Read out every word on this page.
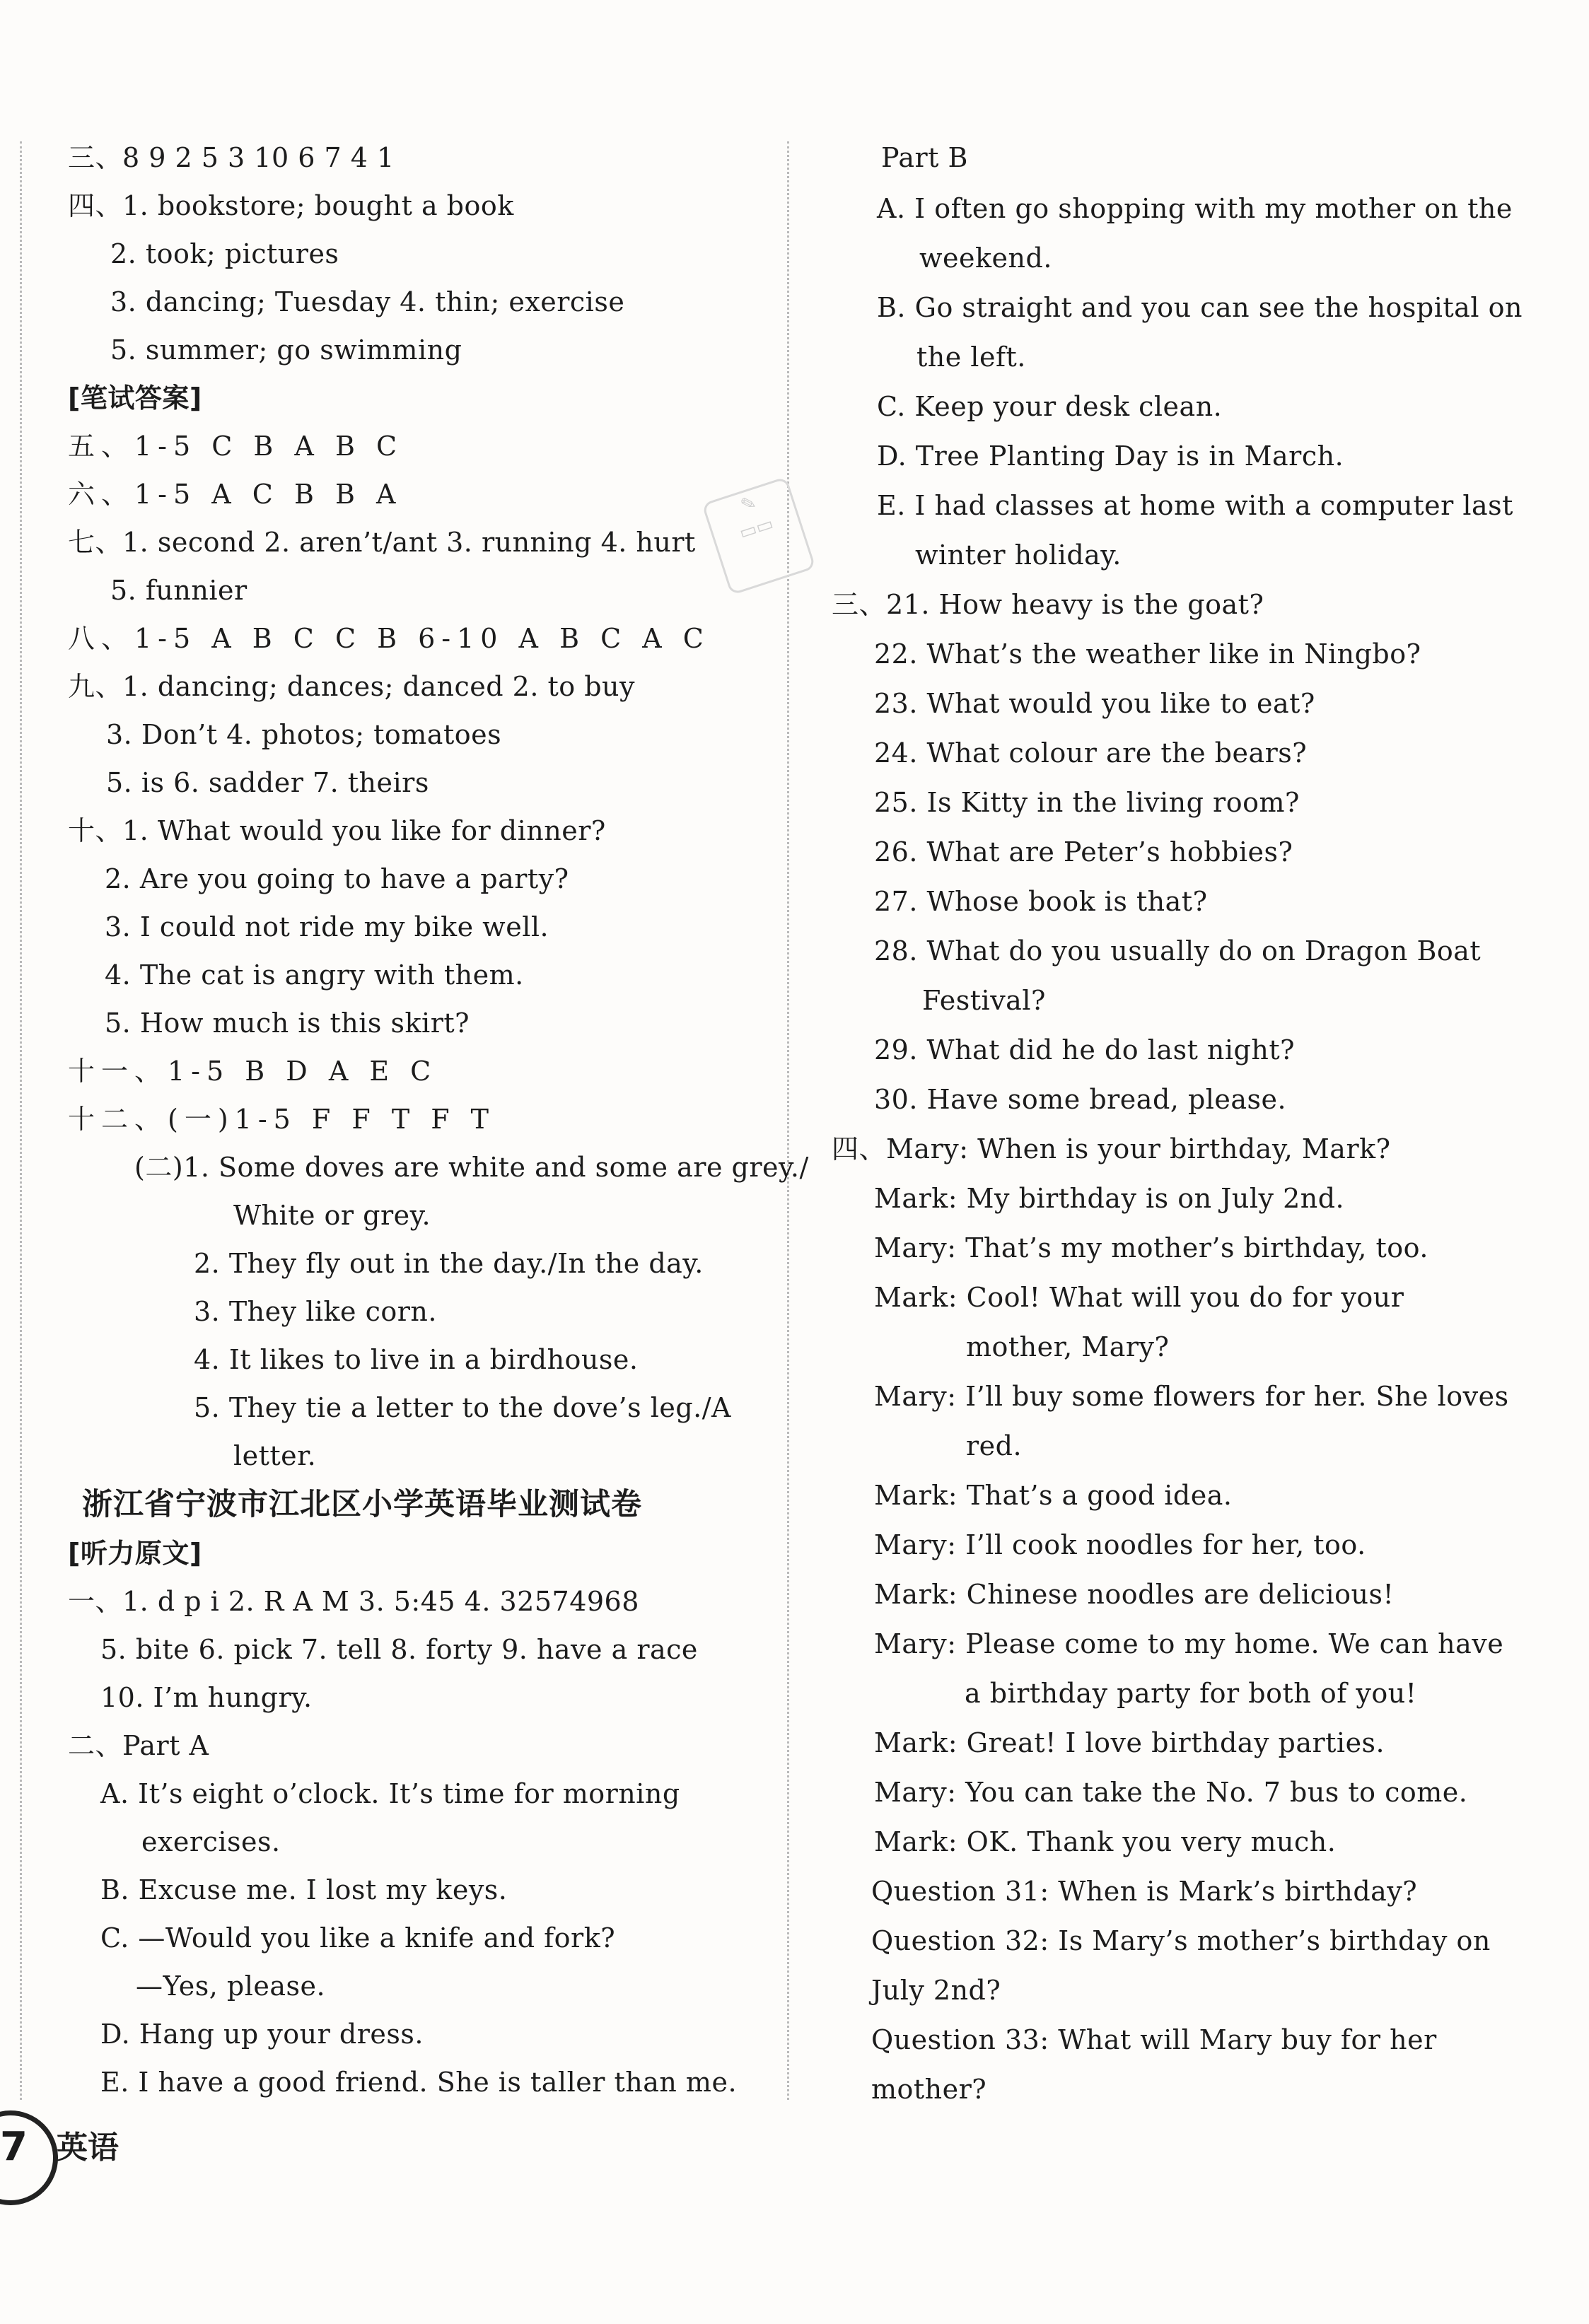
✎
▭▭
三、8 9 2 5 3 10 6 7 4 1
四、1. bookstore; bought a book
2. took; pictures
3. dancing; Tuesday 4. thin; exercise
5. summer; go swimming
[笔试答案]
五、1-5 C B A B C
六、1-5 A C B B A
七、1. second 2. aren’t/ant 3. running 4. hurt
5. funnier
八、1-5 A B C C B 6-10 A B C A C
九、1. dancing; dances; danced 2. to buy
3. Don’t 4. photos; tomatoes
5. is 6. sadder 7. theirs
十、1. What would you like for dinner?
2. Are you going to have a party?
3. I could not ride my bike well.
4. The cat is angry with them.
5. How much is this skirt?
十一、1-5 B D A E C
十二、(一)1-5 F F T F T
(二)1. Some doves are white and some are grey./
White or grey.
2. They fly out in the day./In the day.
3. They like corn.
4. It likes to live in a birdhouse.
5. They tie a letter to the dove’s leg./A
letter.
浙江省宁波市江北区小学英语毕业测试卷
[听力原文]
一、1. d p i 2. R A M 3. 5:45 4. 32574968
5. bite 6. pick 7. tell 8. forty 9. have a race
10. I’m hungry.
二、Part A
A. It’s eight o’clock. It’s time for morning
exercises.
B. Excuse me. I lost my keys.
C. —Would you like a knife and fork?
—Yes, please.
D. Hang up your dress.
E. I have a good friend. She is taller than me.
Part B
A. I often go shopping with my mother on the
weekend.
B. Go straight and you can see the hospital on
the left.
C. Keep your desk clean.
D. Tree Planting Day is in March.
E. I had classes at home with a computer last
winter holiday.
三、21. How heavy is the goat?
22. What’s the weather like in Ningbo?
23. What would you like to eat?
24. What colour are the bears?
25. Is Kitty in the living room?
26. What are Peter’s hobbies?
27. Whose book is that?
28. What do you usually do on Dragon Boat
Festival?
29. What did he do last night?
30. Have some bread, please.
四、Mary: When is your birthday, Mark?
Mark: My birthday is on July 2nd.
Mary: That’s my mother’s birthday, too.
Mark: Cool! What will you do for your
mother, Mary?
Mary: I’ll buy some flowers for her. She loves
red.
Mark: That’s a good idea.
Mary: I’ll cook noodles for her, too.
Mark: Chinese noodles are delicious!
Mary: Please come to my home. We can have
a birthday party for both of you!
Mark: Great! I love birthday parties.
Mary: You can take the No. 7 bus to come.
Mark: OK. Thank you very much.
Question 31: When is Mark’s birthday?
Question 32: Is Mary’s mother’s birthday on
July 2nd?
Question 33: What will Mary buy for her
mother?
7 英语
